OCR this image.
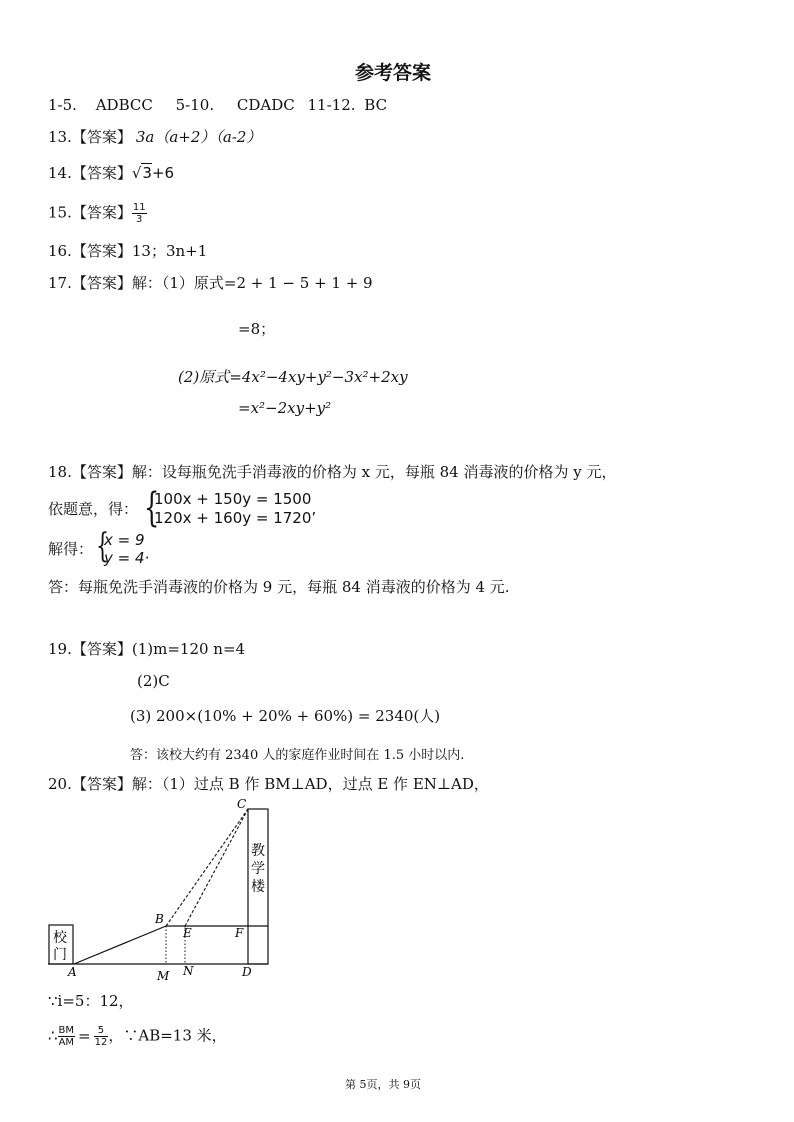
参考答案
1-5. ADBCC 5-10. CDADC 11-12. BC
13.【答案】 3a（a+2）（a-2）
14.【答案】√3+6
15.【答案】 $\frac{11}{3}$
16.【答案】13；3n+1
17.【答案】解：（1）原式=2 + 1 − 5 + 1 + 9
=8；
(2)原式=4x²−4xy+y²−3x²+2xy
=x²−2xy+y²
18.【答案】解：设每瓶免洗手消毒液的价格为 x 元，每瓶 84 消毒液的价格为 y 元，
依题意，得： {
100x + 150y = 1500
120x + 160y = 1720’
解得： {
x = 9
y = 4·
答：每瓶免洗手消毒液的价格为 9 元，每瓶 84 消毒液的价格为 4 元.
19.【答案】(1)m=120 n=4
(2)C
(3) 200×(10% + 20% + 60%) = 2340(人)
答：该校大约有 2340 人的家庭作业时间在 1.5 小时以内.
20.【答案】解：（1）过点 B 作 BM⊥AD，过点 E 作 EN⊥AD，
校
门
教
学
楼
C
B
E	F
A	M N	D
∵i=5：12，
∴ $\frac{BM}{AM} = \frac{5}{12}$ ，∵AB=13 米，
第 5页，共 9页
